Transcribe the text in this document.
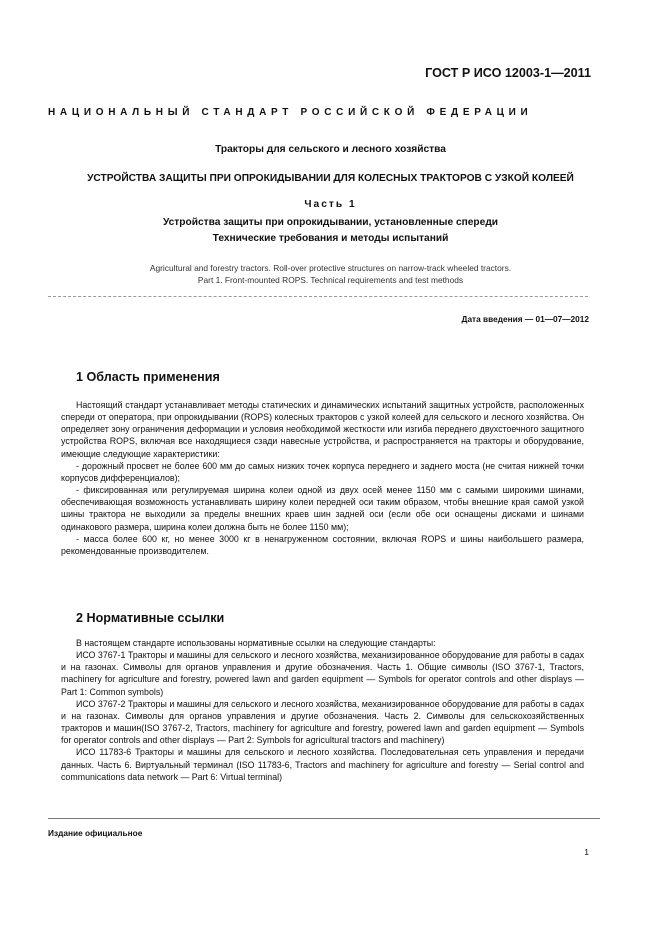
ГОСТ Р ИСО 12003-1—2011
НАЦИОНАЛЬНЫЙ СТАНДАРТ РОССИЙСКОЙ ФЕДЕРАЦИИ
Тракторы для сельского и лесного хозяйства
УСТРОЙСТВА ЗАЩИТЫ ПРИ ОПРОКИДЫВАНИИ ДЛЯ КОЛЕСНЫХ ТРАКТОРОВ С УЗКОЙ КОЛЕЕЙ
Часть 1
Устройства защиты при опрокидывании, установленные спереди
Технические требования и методы испытаний
Agricultural and forestry tractors. Roll-over protective structures on narrow-track wheeled tractors.
Part 1. Front-mounted ROPS. Technical requirements and test methods
Дата введения — 01—07—2012
1 Область применения

Настоящий стандарт устанавливает методы статических и динамических испытаний защитных устройств, расположенных спереди от оператора, при опрокидывании (ROPS) колесных тракторов с узкой колеей для сельского и лесного хозяйства. Он определяет зону ограничения деформации и условия необходимой жесткости или изгиба переднего двухстоечного защитного устройства ROPS, включая все находящиеся сзади навесные устройства, и распространяется на тракторы и оборудование, имеющие следующие характеристики:

- дорожный просвет не более 600 мм до самых низких точек корпуса переднего и заднего моста (не считая нижней точки корпусов дифференциалов);

- фиксированная или регулируемая ширина колеи одной из двух осей менее 1150 мм с самыми широкими шинами, обеспечивающая возможность устанавливать ширину колеи передней оси таким образом, чтобы внешние края самой узкой шины трактора не выходили за пределы внешних краев шин задней оси (если обе оси оснащены дисками и шинами одинакового размера, ширина колеи должна быть не более 1150 мм);

- масса более 600 кг, но менее 3000 кг в ненагруженном состоянии, включая ROPS и шины наибольшего размера, рекомендованные производителем.

2 Нормативные ссылки

В настоящем стандарте использованы нормативные ссылки на следующие стандарты:

ИСО 3767-1 Тракторы и машины для сельского и лесного хозяйства, механизированное оборудование для работы в садах и на газонах. Символы для органов управления и другие обозначения. Часть 1. Общие символы (ISO 3767-1, Tractors, machinery for agriculture and forestry, powered lawn and garden equipment — Symbols for operator controls and other displays — Part 1: Common symbols)

ИСО 3767-2 Тракторы и машины для сельского и лесного хозяйства, механизированное оборудование для работы в садах и на газонах. Символы для органов управления и другие обозначения. Часть 2. Символы для сельскохозяйственных тракторов и машин(ISO 3767-2, Tractors, machinery for agriculture and forestry, powered lawn and garden equipment — Symbols for operator controls and other displays — Part 2: Symbols for agricultural tractors and machinery)

ИСО 11783-6 Тракторы и машины для сельского и лесного хозяйства. Последовательная сеть управления и передачи данных. Часть 6. Виртуальный терминал (ISO 11783-6, Tractors and machinery for agriculture and forestry — Serial control and communications data network — Part 6: Virtual terminal)

Издание официальное
1
